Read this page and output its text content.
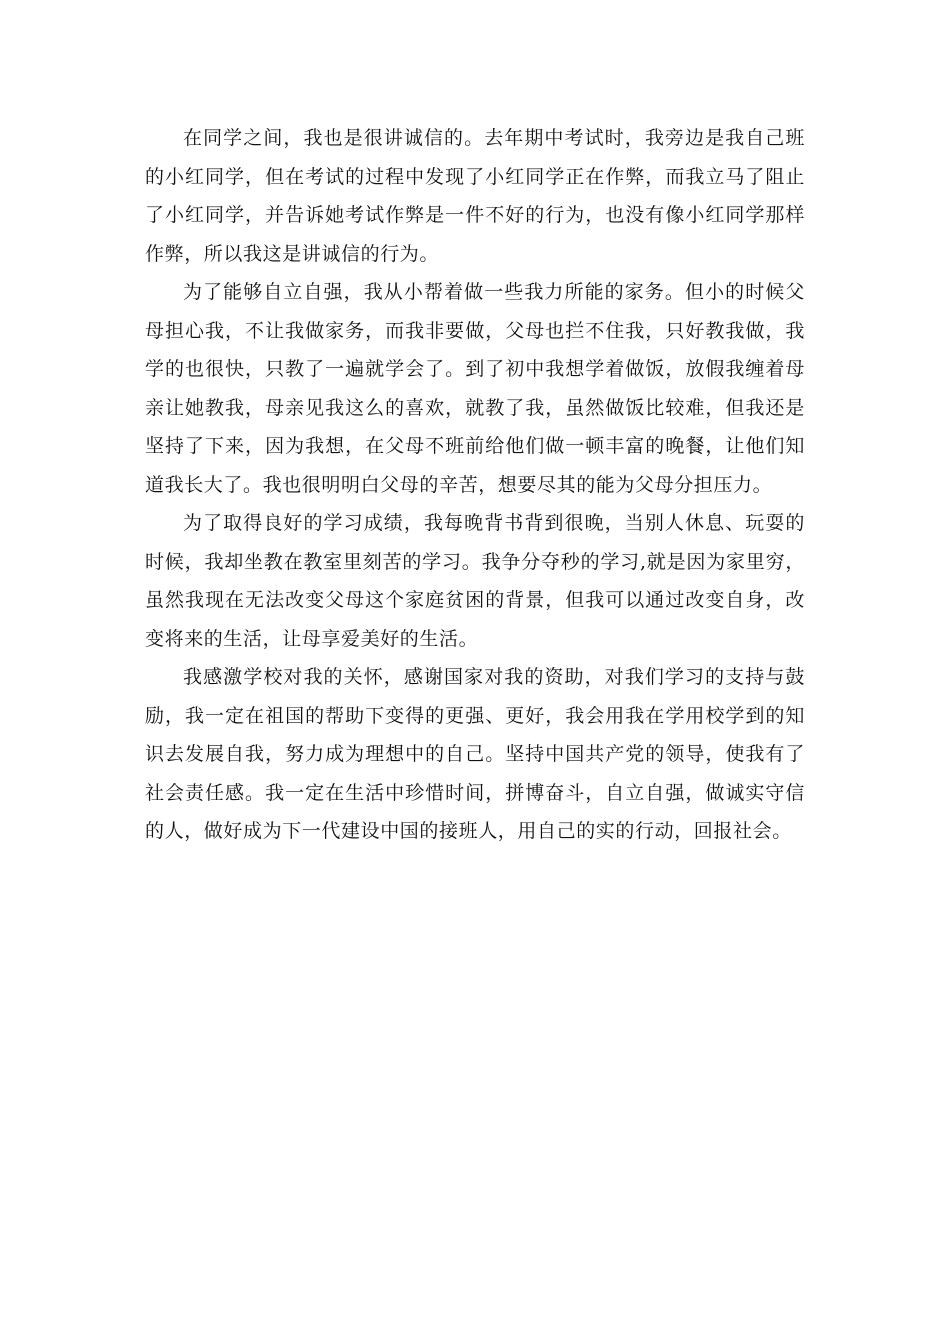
在同学之间，我也是很讲诚信的。去年期中考试时，我旁边是我自己班的小红同学，但在考试的过程中发现了小红同学正在作弊，而我立马了阻止了小红同学，并告诉她考试作弊是一件不好的行为，也没有像小红同学那样作弊，所以我这是讲诚信的行为。

为了能够自立自强，我从小帮着做一些我力所能的家务。但小的时候父母担心我，不让我做家务，而我非要做，父母也拦不住我，只好教我做，我学的也很快，只教了一遍就学会了。到了初中我想学着做饭，放假我缠着母亲让她教我，母亲见我这么的喜欢，就教了我，虽然做饭比较难，但我还是坚持了下来，因为我想，在父母不班前给他们做一顿丰富的晚餐，让他们知道我长大了。我也很明明白父母的辛苦，想要尽其的能为父母分担压力。

为了取得良好的学习成绩，我每晚背书背到很晚，当别人休息、玩耍的时候，我却坐教在教室里刻苦的学习。我争分夺秒的学习,就是因为家里穷，虽然我现在无法改变父母这个家庭贫困的背景，但我可以通过改变自身，改变将来的生活，让母享爱美好的生活。

我感激学校对我的关怀，感谢国家对我的资助，对我们学习的支持与鼓励，我一定在祖国的帮助下变得的更强、更好，我会用我在学用校学到的知识去发展自我，努力成为理想中的自己。坚持中国共产党的领导，使我有了社会责任感。我一定在生活中珍惜时间，拼博奋斗，自立自强，做诚实守信的人，做好成为下一代建设中国的接班人，用自己的实的行动，回报社会。
